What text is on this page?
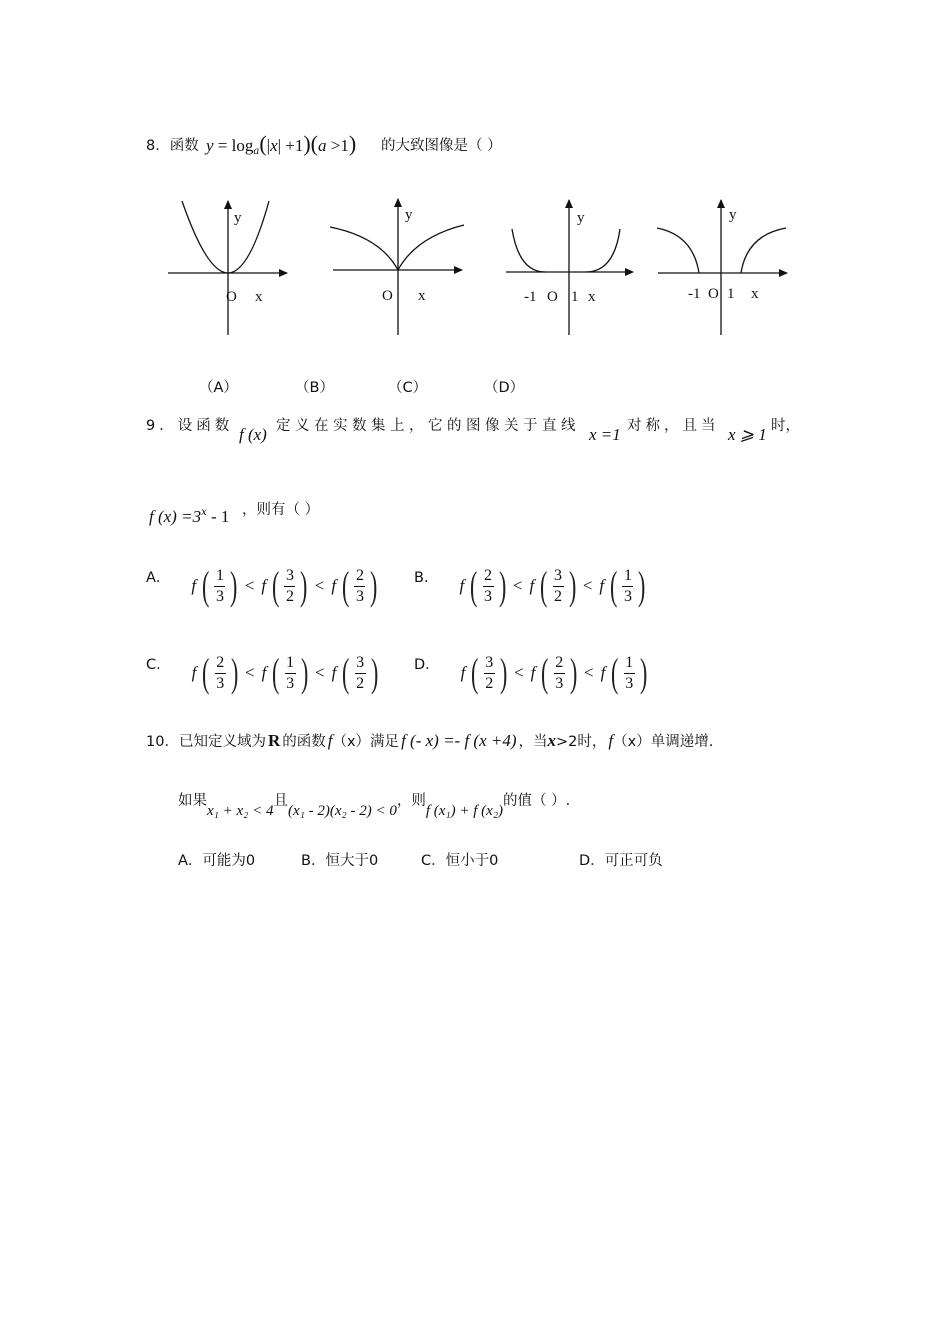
8．函数 $y = \log_a(|x| +1)(a >1)$ 的大致图像是（ ）
y
O x
y
O x
y
-1 O 1 x
y
-1 O 1 x
（A）	（B）	（C）	（D）
9．设函数 f (x) 定义在实数集上，它的图像关于直线 x =1 对称，且当 x ⩾ 1 时，
f $(x) =3^x - 1$ ，则有（ ）
A． f ( $\frac{1}{3}$ ) < f ( $\frac{3}{2}$ ) < f ( $\frac{2}{3}$ ) B． f ( $\frac{2}{3}$ ) < f ( $\frac{3}{2}$ ) < f ( $\frac{1}{3}$ )
C． f ( $\frac{2}{3}$ ) < f ( $\frac{1}{3}$ ) < f ( $\frac{3}{2}$ ) D． f ( $\frac{3}{2}$ ) < f ( $\frac{2}{3}$ ) < f ( $\frac{1}{3}$ )
10．已知定义域为 R 的函数 f （x）满足 f (- x) =- f (x +4) ，当 x >2时， f （x）单调递增.
如果
x₁ + x₂ < 4
且
(x₁ - 2)(x₂ - 2) < 0
，则
f (x₁) + f (x₂)
的值（ ）.
A．可能为0	B．恒大于0	C．恒小于0	D．可正可负
